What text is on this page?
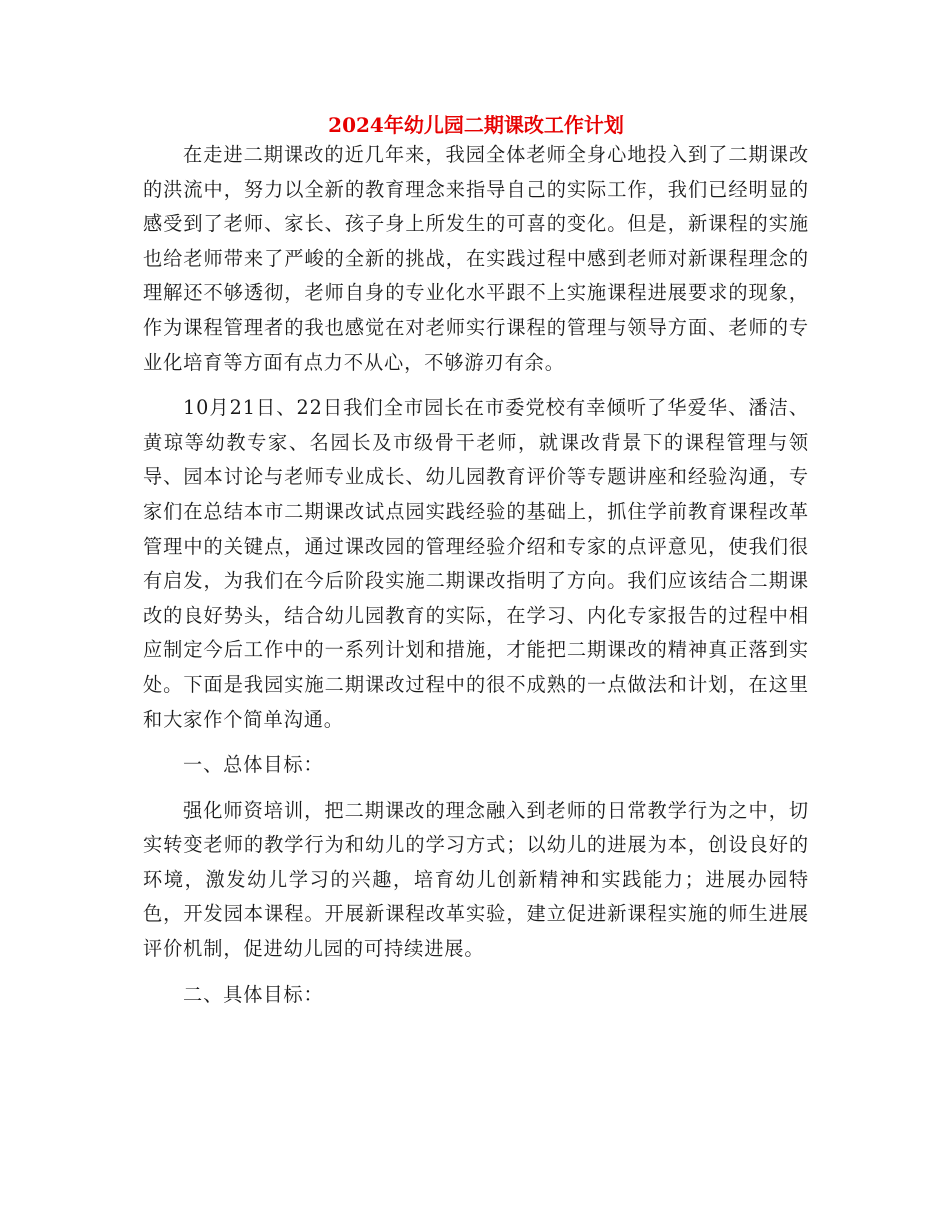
2024年幼儿园二期课改工作计划

在走进二期课改的近几年来，我园全体老师全身心地投入到了二期课改的洪流中，努力以全新的教育理念来指导自己的实际工作，我们已经明显的感受到了老师、家长、孩子身上所发生的可喜的变化。但是，新课程的实施也给老师带来了严峻的全新的挑战，在实践过程中感到老师对新课程理念的理解还不够透彻，老师自身的专业化水平跟不上实施课程进展要求的现象，作为课程管理者的我也感觉在对老师实行课程的管理与领导方面、老师的专业化培育等方面有点力不从心，不够游刃有余。

10月21日、22日我们全市园长在市委党校有幸倾听了华爱华、潘洁、黄琼等幼教专家、名园长及市级骨干老师，就课改背景下的课程管理与领导、园本讨论与老师专业成长、幼儿园教育评价等专题讲座和经验沟通，专家们在总结本市二期课改试点园实践经验的基础上，抓住学前教育课程改革管理中的关键点，通过课改园的管理经验介绍和专家的点评意见，使我们很有启发，为我们在今后阶段实施二期课改指明了方向。我们应该结合二期课改的良好势头，结合幼儿园教育的实际，在学习、内化专家报告的过程中相应制定今后工作中的一系列计划和措施，才能把二期课改的精神真正落到实处。下面是我园实施二期课改过程中的很不成熟的一点做法和计划，在这里和大家作个简单沟通。

一、总体目标：

强化师资培训，把二期课改的理念融入到老师的日常教学行为之中，切实转变老师的教学行为和幼儿的学习方式；以幼儿的进展为本，创设良好的环境，激发幼儿学习的兴趣，培育幼儿创新精神和实践能力；进展办园特色，开发园本课程。开展新课程改革实验，建立促进新课程实施的师生进展评价机制，促进幼儿园的可持续进展。

二、具体目标：
